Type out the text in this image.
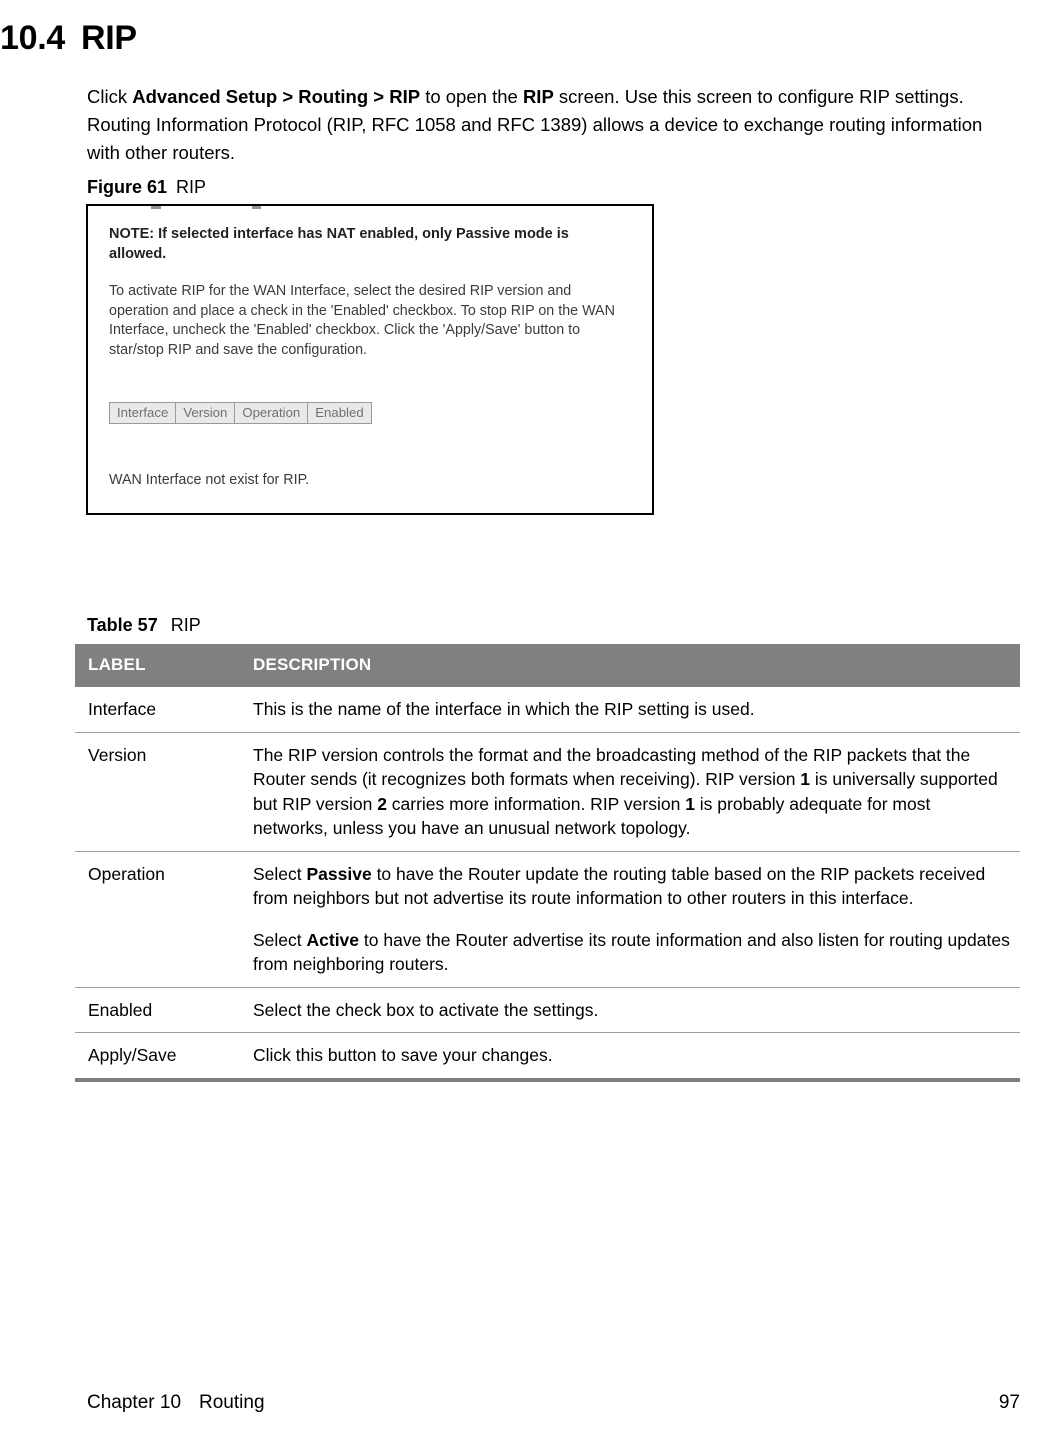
10.4 RIP

Click Advanced Setup > Routing > RIP to open the RIP screen. Use this screen to configure RIP settings. Routing Information Protocol (RIP, RFC 1058 and RFC 1389) allows a device to exchange routing information with other routers.

Figure 61 RIP
NOTE: If selected interface has NAT enabled, only Passive mode is allowed.
To activate RIP for the WAN Interface, select the desired RIP version and operation and place a check in the 'Enabled' checkbox. To stop RIP on the WAN Interface, uncheck the 'Enabled' checkbox. Click the 'Apply/Save' button to star/stop RIP and save the configuration.
Interface	Version	Operation	Enabled
WAN Interface not exist for RIP.
Table 57 RIP
LABEL	DESCRIPTION
Interface	This is the name of the interface in which the RIP setting is used.

Version	The RIP version controls the format and the broadcasting method of the RIP packets that the Router sends (it recognizes both formats when receiving). RIP version 1 is universally supported but RIP version 2 carries more information. RIP version 1 is probably adequate for most networks, unless you have an unusual network topology.

Operation	Select Passive to have the Router update the routing table based on the RIP packets received from neighbors but not advertise its route information to other routers in this interface.

Select Active to have the Router advertise its route information and also listen for routing updates from neighboring routers.

Enabled	Select the check box to activate the settings.

Apply/Save	Click this button to save your changes.

Chapter 10 Routing	97
